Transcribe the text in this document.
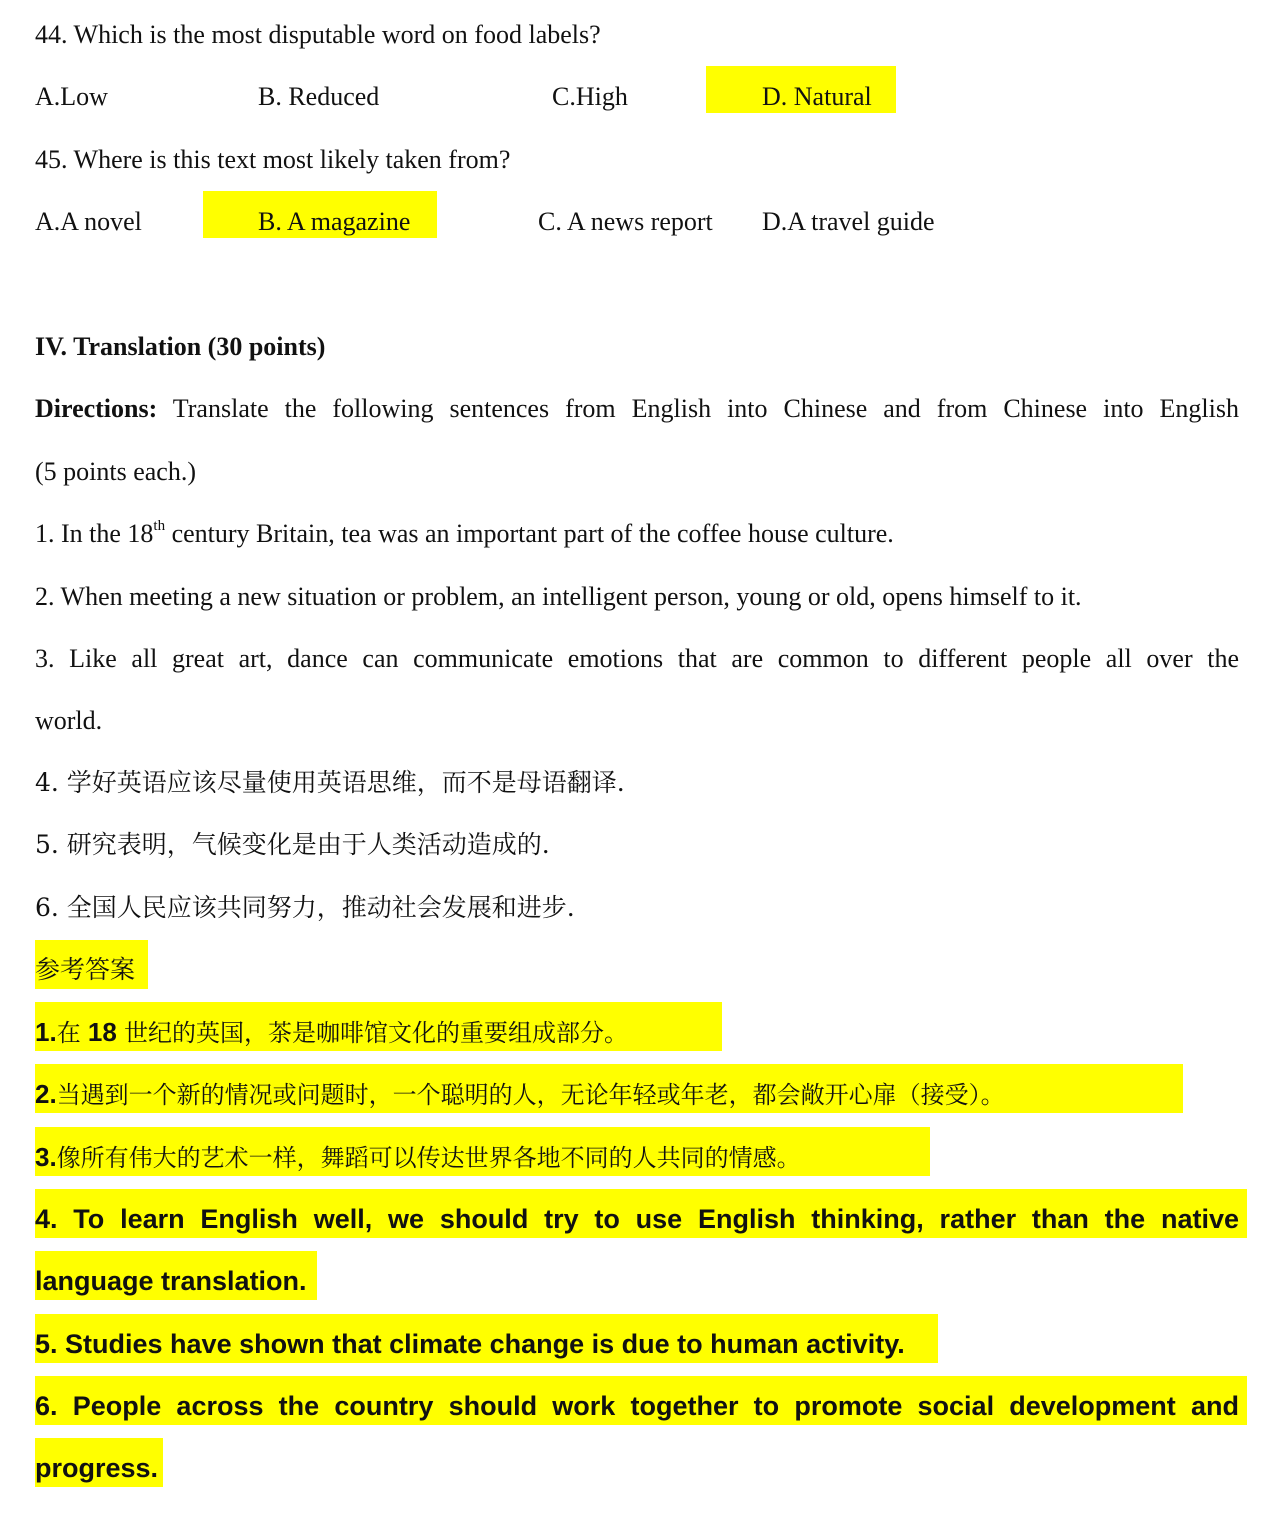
44. Which is the most disputable word on food labels?
A.Low	B. Reduced	C.High	D. Natural
45. Where is this text most likely taken from?
A.A novel	B. A magazine	C. A news report D.A travel guide
IV. Translation (30 points)
Directions: Translate the following sentences from English into Chinese and from Chinese into English
(5 points each.)
1. In the 18th century Britain, tea was an important part of the coffee house culture.
2. When meeting a new situation or problem, an intelligent person, young or old, opens himself to it.
3. Like all great art, dance can communicate emotions that are common to different people all over the
world.
4. 学好英语应该尽量使用英语思维，而不是母语翻译.
5. 研究表明，气候变化是由于人类活动造成的.
6. 全国人民应该共同努力，推动社会发展和进步.
参考答案
1.在 18 世纪的英国，茶是咖啡馆文化的重要组成部分。
2.当遇到一个新的情况或问题时，一个聪明的人，无论年轻或年老，都会敞开心扉（接受）。
3.像所有伟大的艺术一样，舞蹈可以传达世界各地不同的人共同的情感。
4. To learn English well, we should try to use English thinking, rather than the native
language translation.
5. Studies have shown that climate change is due to human activity.
6. People across the country should work together to promote social development and
progress.
